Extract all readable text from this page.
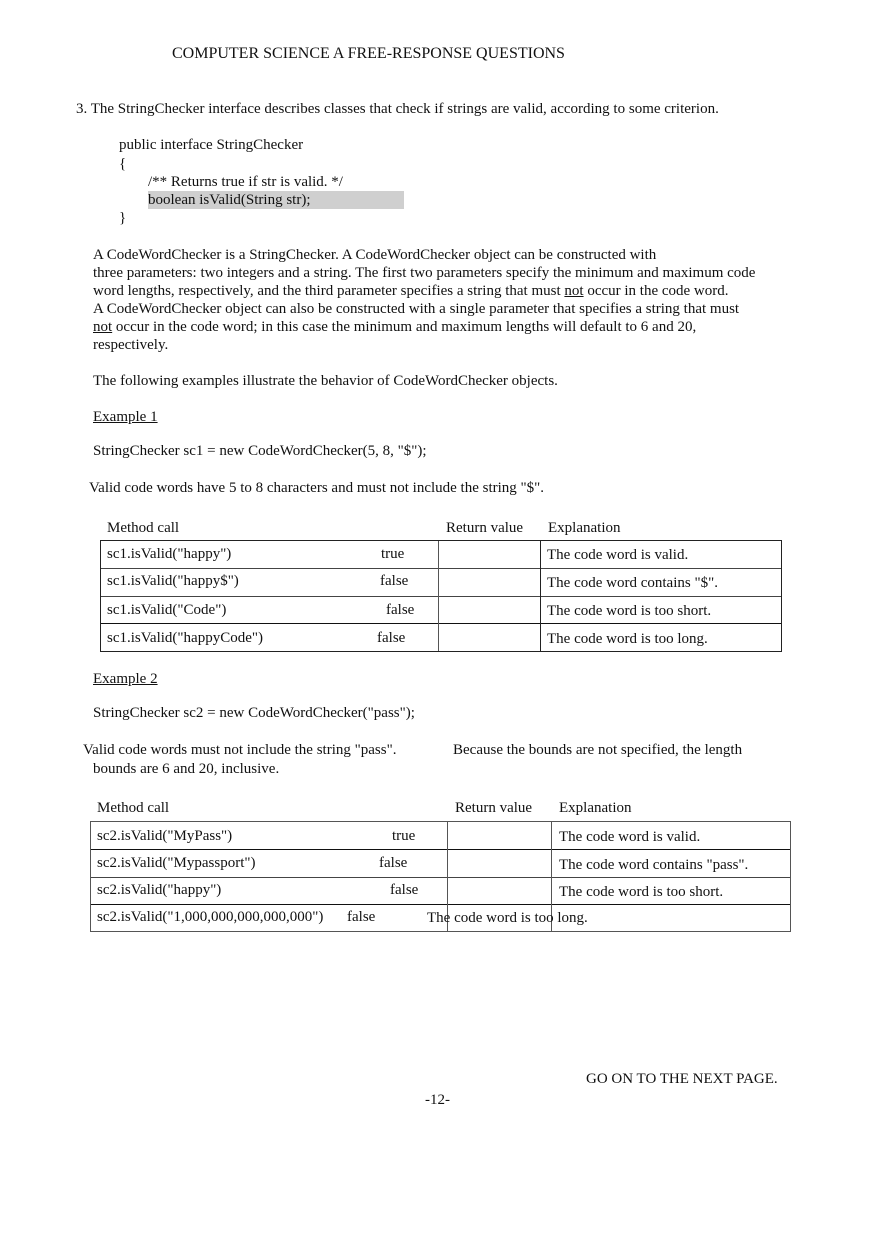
COMPUTER SCIENCE A FREE-RESPONSE QUESTIONS
3. The StringChecker interface describes classes that check if strings are valid, according to some criterion.
public interface StringChecker
{
/** Returns true if str is valid. */
boolean isValid(String str);
}
A CodeWordChecker is a StringChecker. A CodeWordChecker object can be constructed with
three parameters: two integers and a string. The first two parameters specify the minimum and maximum code
word lengths, respectively, and the third parameter specifies a string that must not occur in the code word.
A CodeWordChecker object can also be constructed with a single parameter that specifies a string that must
not occur in the code word; in this case the minimum and maximum lengths will default to 6 and 20,
respectively.
The following examples illustrate the behavior of CodeWordChecker objects.
Example 1
StringChecker sc1 = new CodeWordChecker(5, 8, "$");
Valid code words have 5 to 8 characters and must not include the string "$".
Method call	Return value Explanation
sc1.isValid("happy")	true	The code word is valid.
sc1.isValid("happy$")	false	The code word contains "$".
sc1.isValid("Code")	false	The code word is too short.
sc1.isValid("happyCode")	false	The code word is too long.
Example 2
StringChecker sc2 = new CodeWordChecker("pass");
Valid code words must not include the string "pass".	Because the bounds are not specified, the length
bounds are 6 and 20, inclusive.
Method call	Return value Explanation
sc2.isValid("MyPass")	true	The code word is valid.
sc2.isValid("Mypassport")	false	The code word contains "pass".
sc2.isValid("happy")	false	The code word is too short.
sc2.isValid("1,000,000,000,000,000") false	The code word is too long.
GO ON TO THE NEXT PAGE.
-12-
